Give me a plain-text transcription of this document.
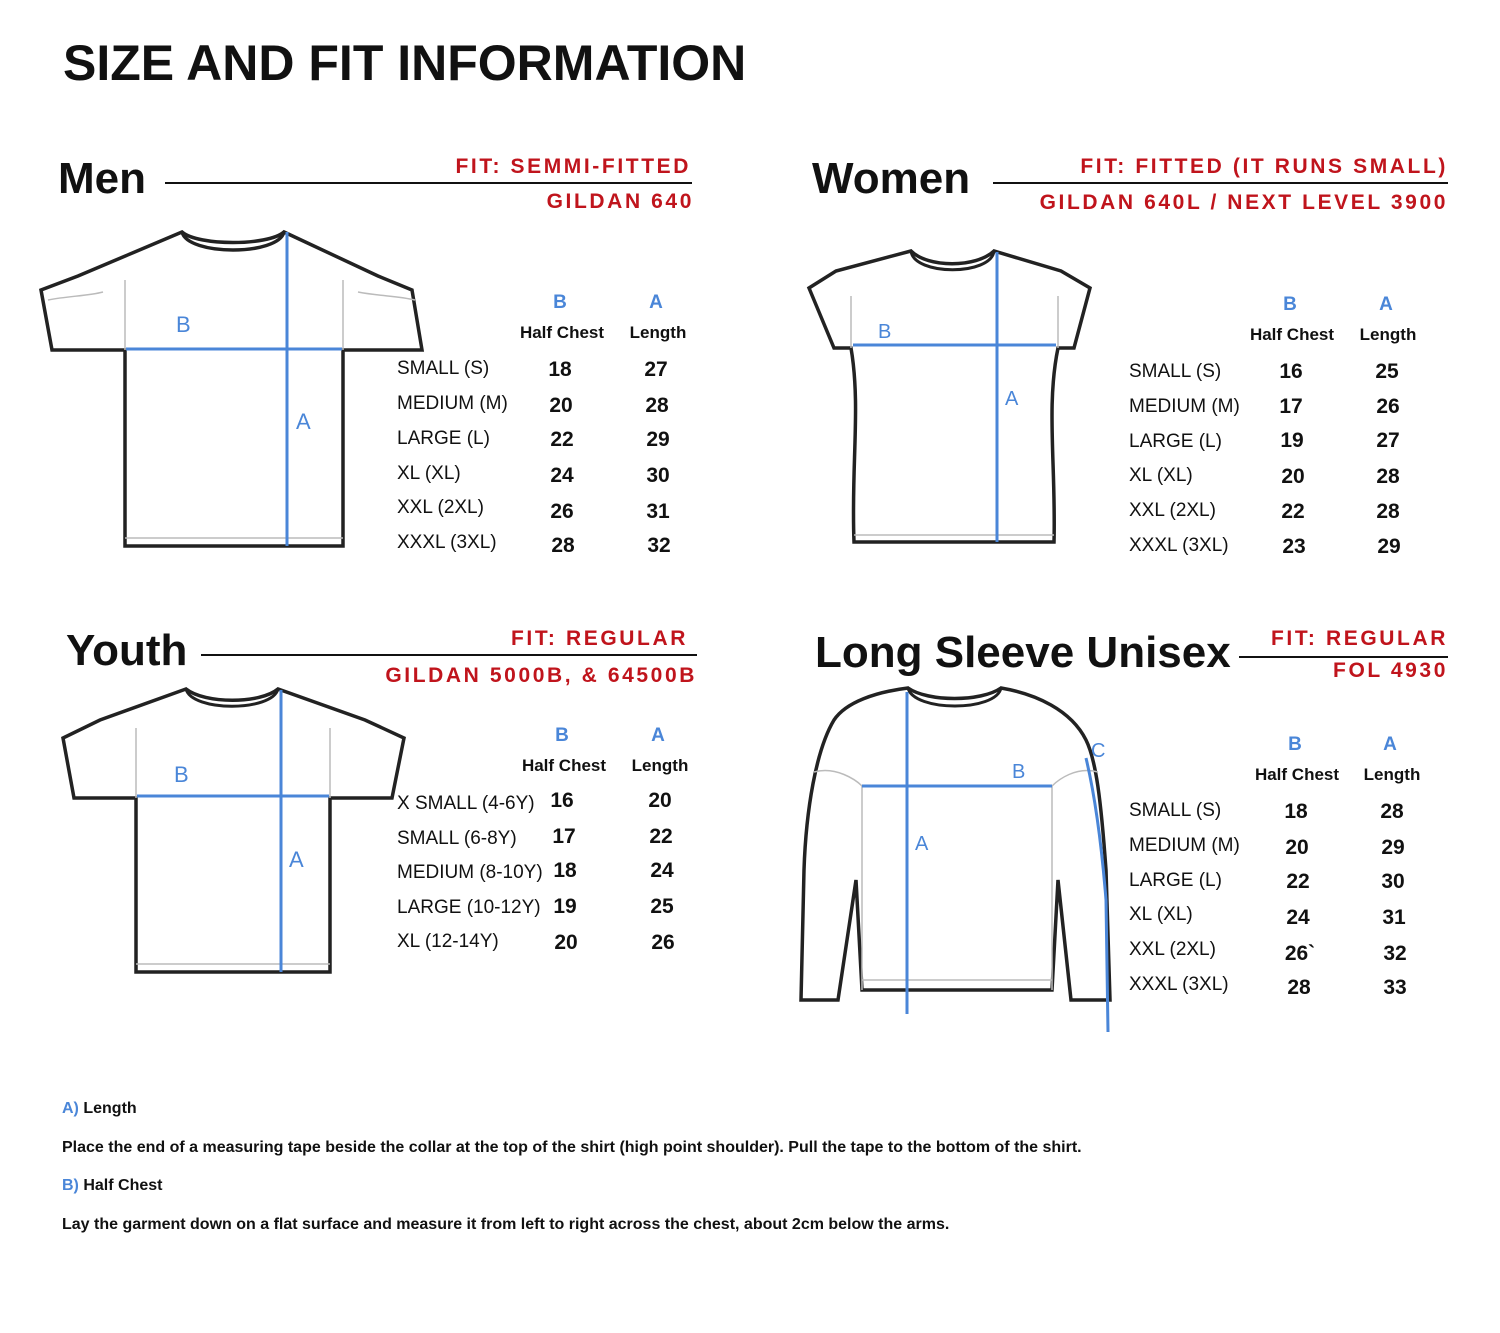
SIZE AND FIT INFORMATION
Men	FIT: SEMMI-FITTED
GILDAN 640
B
A
B	A
Half Chest	Length
SMALL (S)	18	27
MEDIUM (M)	20	28
LARGE (L)	22	29
XL (XL)	24	30
XXL (2XL)	26	31
XXXL (3XL)	28	32
Women	FIT: FITTED (IT RUNS SMALL)
GILDAN 640L / NEXT LEVEL 3900
B
A
B	A
Half Chest	Length
SMALL (S)	16	25
MEDIUM (M)	17	26
LARGE (L)	19	27
XL (XL)	20	28
XXL (2XL)	22	28
XXXL (3XL)	23	29
Youth	FIT: REGULAR
GILDAN 5000B, & 64500B
B
A
B	A
Half Chest	Length
X SMALL (4-6Y) 16	20
SMALL (6-8Y)	17	22
MEDIUM (8-10Y) 18	24
LARGE (10-12Y) 19	25
XL (12-14Y)	20	26
Long Sleeve Unisex FIT: REGULAR
FOL 4930
B
A
C	B	A
Half Chest	Length
SMALL (S)	18	28
MEDIUM (M)	20	29
LARGE (L)	22	30
XL (XL)	24	31
XXL (2XL)	26`	32
XXXL (3XL)	28	33

A) Length

Place the end of a measuring tape beside the collar at the top of the shirt (high point shoulder). Pull the tape to the bottom of the shirt.

B) Half Chest

Lay the garment down on a flat surface and measure it from left to right across the chest, about 2cm below the arms.
